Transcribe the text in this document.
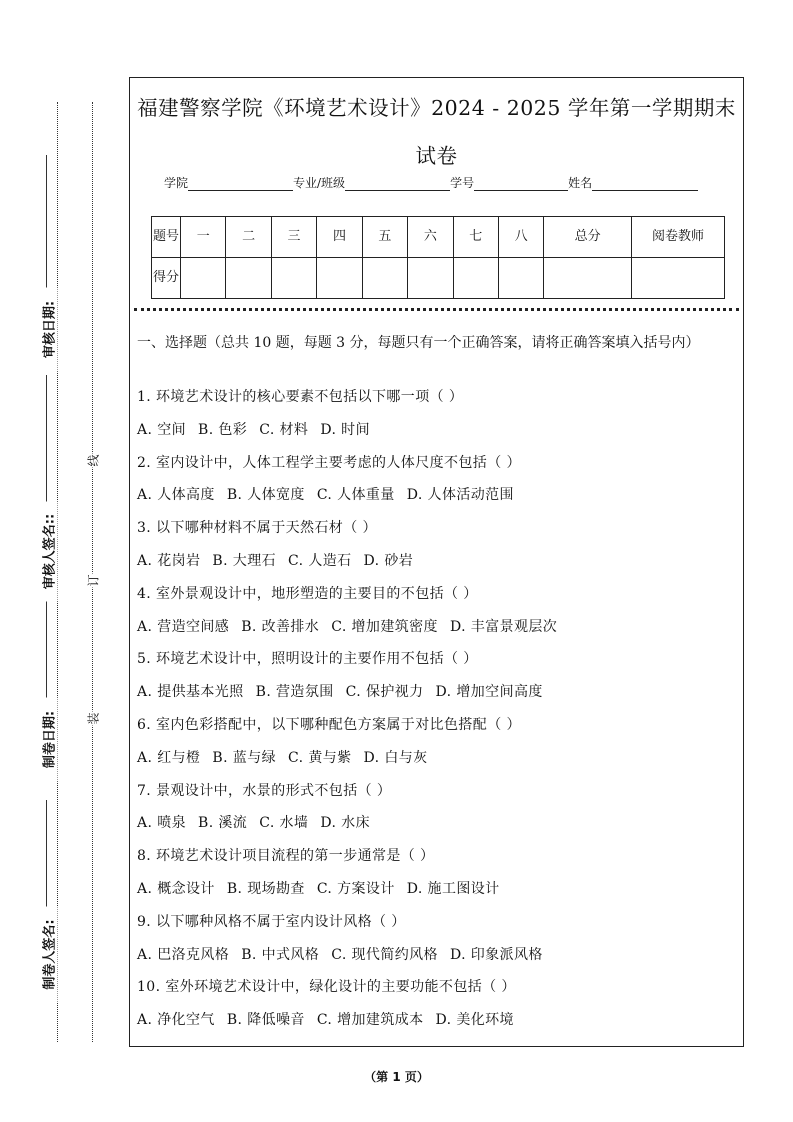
审核日期:
审核人签名::
制卷日期:
制卷人签名:
线
订
装
福建警察学院《环境艺术设计》2024 - 2025 学年第一学期期末试卷
学院	专业/班级	学号	姓名
题号	一	二	三	四	五	六	七	八	总分	阅卷教师
得分										
一、选择题（总共 10 题，每题 3 分，每题只有一个正确答案，请将正确答案填入括号内）
1. 环境艺术设计的核心要素不包括以下哪一项（ ）
A. 空间 B. 色彩 C. 材料 D. 时间
2. 室内设计中，人体工程学主要考虑的人体尺度不包括（ ）
A. 人体高度 B. 人体宽度 C. 人体重量 D. 人体活动范围
3. 以下哪种材料不属于天然石材（ ）
A. 花岗岩 B. 大理石 C. 人造石 D. 砂岩
4. 室外景观设计中，地形塑造的主要目的不包括（ ）
A. 营造空间感 B. 改善排水 C. 增加建筑密度 D. 丰富景观层次
5. 环境艺术设计中，照明设计的主要作用不包括（ ）
A. 提供基本光照 B. 营造氛围 C. 保护视力 D. 增加空间高度
6. 室内色彩搭配中，以下哪种配色方案属于对比色搭配（ ）
A. 红与橙 B. 蓝与绿 C. 黄与紫 D. 白与灰
7. 景观设计中，水景的形式不包括（ ）
A. 喷泉 B. 溪流 C. 水墙 D. 水床
8. 环境艺术设计项目流程的第一步通常是（ ）
A. 概念设计 B. 现场勘查 C. 方案设计 D. 施工图设计
9. 以下哪种风格不属于室内设计风格（ ）
A. 巴洛克风格 B. 中式风格 C. 现代简约风格 D. 印象派风格
10. 室外环境艺术设计中，绿化设计的主要功能不包括（ ）
A. 净化空气 B. 降低噪音 C. 增加建筑成本 D. 美化环境
（第 1 页）
